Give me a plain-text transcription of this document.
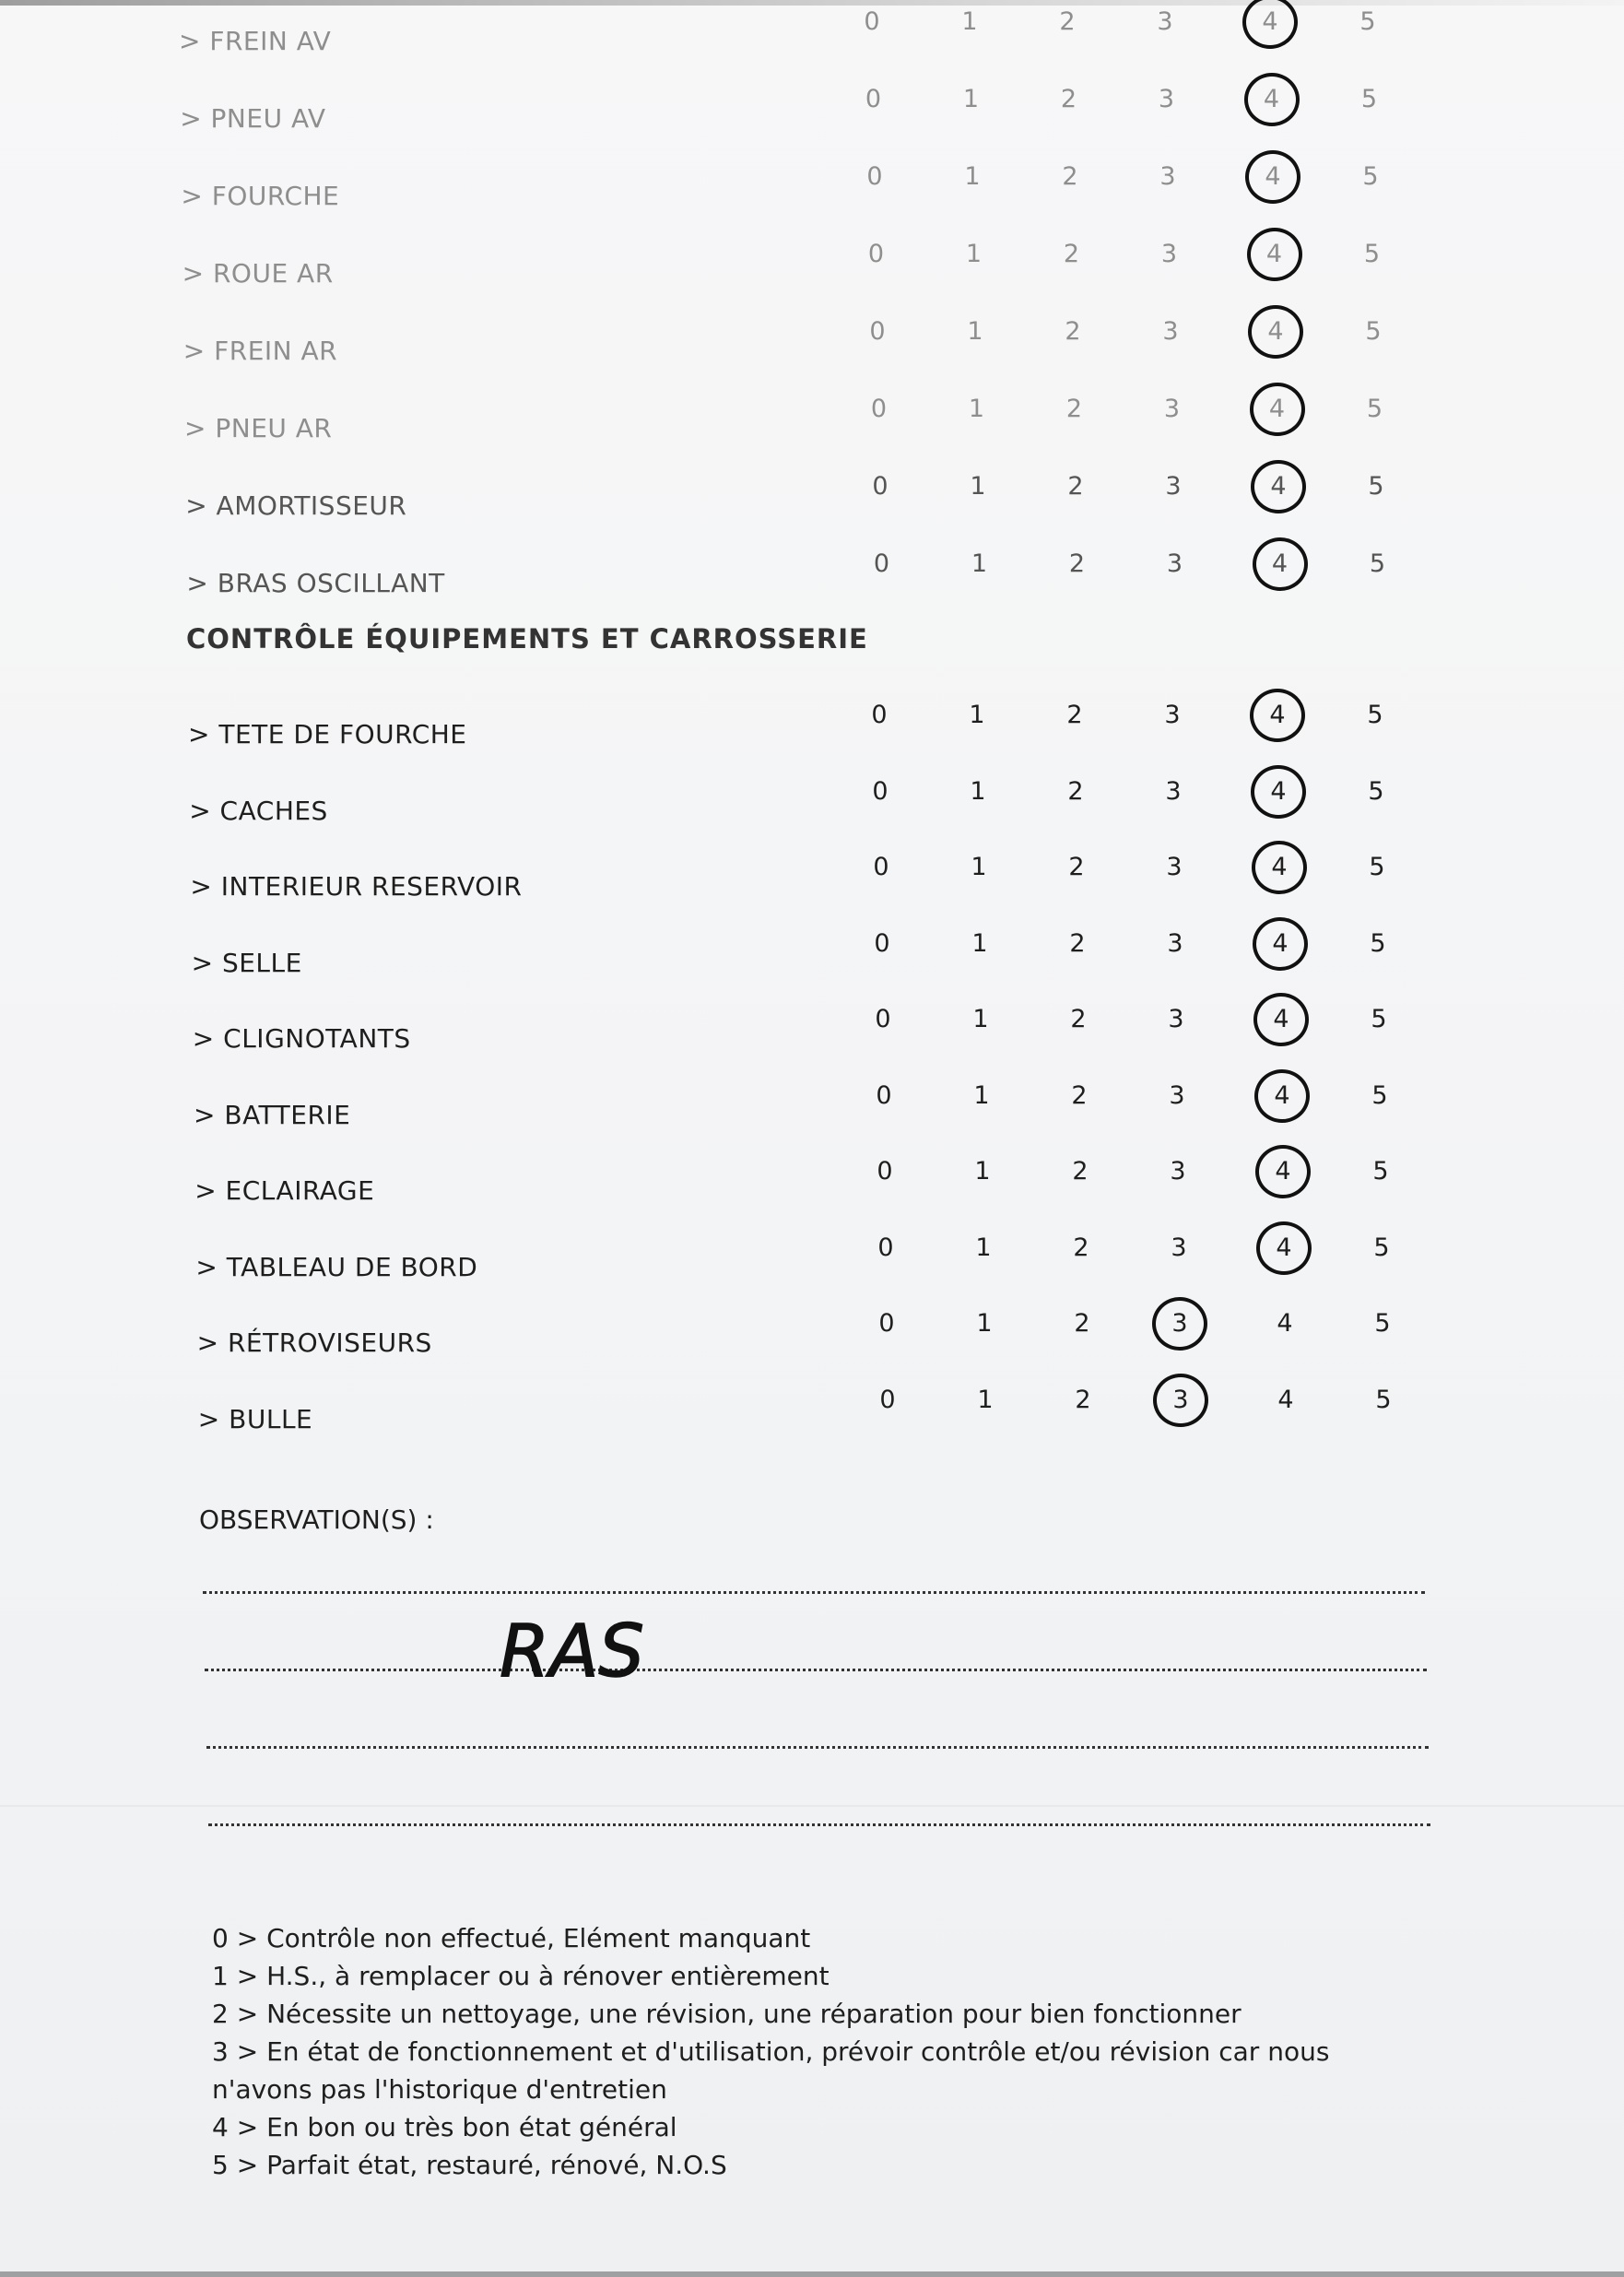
> FREIN AV
0	1	2	3	4	5
> PNEU AV
0	1	2	3	4	5
> FOURCHE
0	1	2	3	4	5
> ROUE AR
0	1	2	3	4	5
> FREIN AR
0	1	2	3	4	5
> PNEU AR
0	1	2	3	4	5
> AMORTISSEUR
0	1	2	3	4	5
> BRAS OSCILLANT
0	1	2	3	4	5
> TETE DE FOURCHE
0	1	2	3	4	5
> CACHES
0	1	2	3	4	5
> INTERIEUR RESERVOIR
0	1	2	3	4	5
> SELLE
0	1	2	3	4	5
> CLIGNOTANTS
0	1	2	3	4	5
> BATTERIE
0	1	2	3	4	5
> ECLAIRAGE
0	1	2	3	4	5
> TABLEAU DE BORD
0	1	2	3	4	5
> RÉTROVISEURS
0	1	2	3	4	5
> BULLE
0	1	2	3	4	5
CONTRÔLE ÉQUIPEMENTS ET CARROSSERIE
OBSERVATION(S) :
RAS
0 > Contrôle non effectué, Elément manquant
1 > H.S., à remplacer ou à rénover entièrement
2 > Nécessite un nettoyage, une révision, une réparation pour bien fonctionner
3 > En état de fonctionnement et d'utilisation, prévoir contrôle et/ou révision car nous
n'avons pas l'historique d'entretien
4 > En bon ou très bon état général
5 > Parfait état, restauré, rénové, N.O.S
